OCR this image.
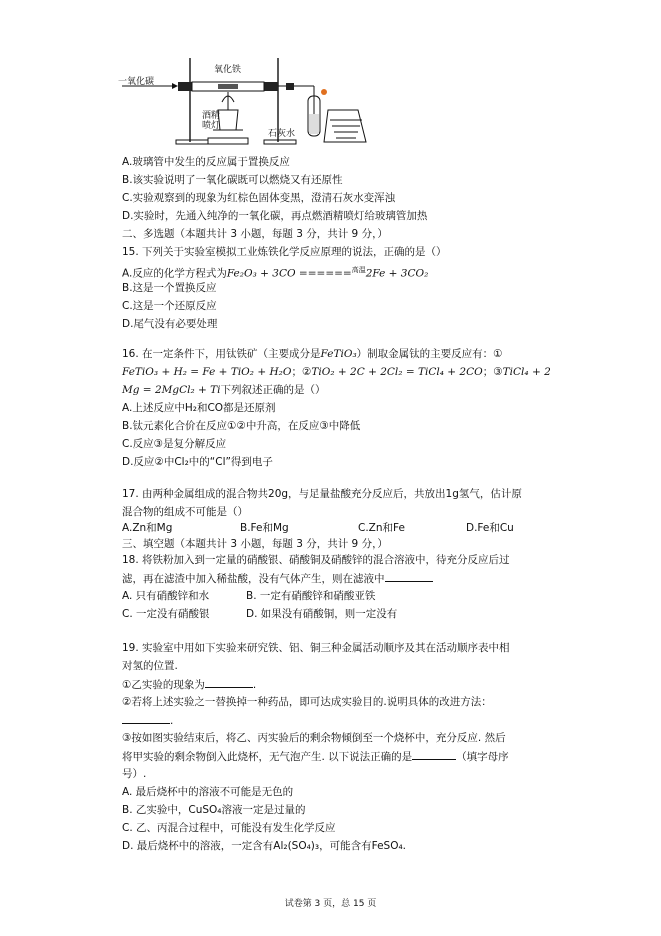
一氧化碳
氧化铁
酒精
喷灯
石灰水
A.玻璃管中发生的反应属于置换反应
B.该实验说明了一氧化碳既可以燃烧又有还原性
C.实验观察到的现象为红棕色固体变黑，澄清石灰水变浑浊
D.实验时，先通入纯净的一氧化碳，再点燃酒精喷灯给玻璃管加热
二、多选题（本题共计 3 小题，每题 3 分，共计 9 分，）
15. 下列关于实验室模拟工业炼铁化学反应原理的说法，正确的是（）
A.反应的化学方程式为Fe₂O₃ + 3CO ======$^{高温}$2Fe + 3CO₂
B.这是一个置换反应
C.这是一个还原反应
D.尾气没有必要处理
16. 在一定条件下，用钛铁矿（主要成分是FeTiO₃）制取金属钛的主要反应有：①
FeTiO₃ + H₂ = Fe + TiO₂ + H₂O；②TiO₂ + 2C + 2Cl₂ = TiCl₄ + 2CO；③TiCl₄ + 2
Mg = 2MgCl₂ + Ti下列叙述正确的是（）
A.上述反应中H₂和CO都是还原剂
B.钛元素化合价在反应①②中升高，在反应③中降低
C.反应③是复分解反应
D.反应②中Cl₂中的“Cl”得到电子
17. 由两种金属组成的混合物共20g，与足量盐酸充分反应后，共放出1g氢气，估计原
混合物的组成不可能是（）
A.Zn和Mg	B.Fe和Mg	C.Zn和Fe	D.Fe和Cu
三、填空题（本题共计 3 小题，每题 3 分，共计 9 分，）
18. 将铁粉加入到一定量的硝酸银、硝酸铜及硝酸锌的混合溶液中，待充分反应后过
滤，再在滤渣中加入稀盐酸，没有气体产生，则在滤液中
A. 只有硝酸锌和水	B. 一定有硝酸锌和硝酸亚铁
C. 一定没有硝酸银	D. 如果没有硝酸铜，则一定没有
19. 实验室中用如下实验来研究铁、铝、铜三种金属活动顺序及其在活动顺序表中相
对氢的位置.
①乙实验的现象为	.
②若将上述实验之一替换掉一种药品，即可达成实验目的.说明具体的改进方法：
.
③按如图实验结束后，将乙、丙实验后的剩余物倾倒至一个烧杯中，充分反应. 然后
将甲实验的剩余物倒入此烧杯，无气泡产生. 以下说法正确的是	（填字母序
号）.
A. 最后烧杯中的溶液不可能是无色的
B. 乙实验中，CuSO₄溶液一定是过量的
C. 乙、丙混合过程中，可能没有发生化学反应
D. 最后烧杯中的溶液，一定含有Al₂(SO₄)₃，可能含有FeSO₄.
试卷第 3 页，总 15 页
